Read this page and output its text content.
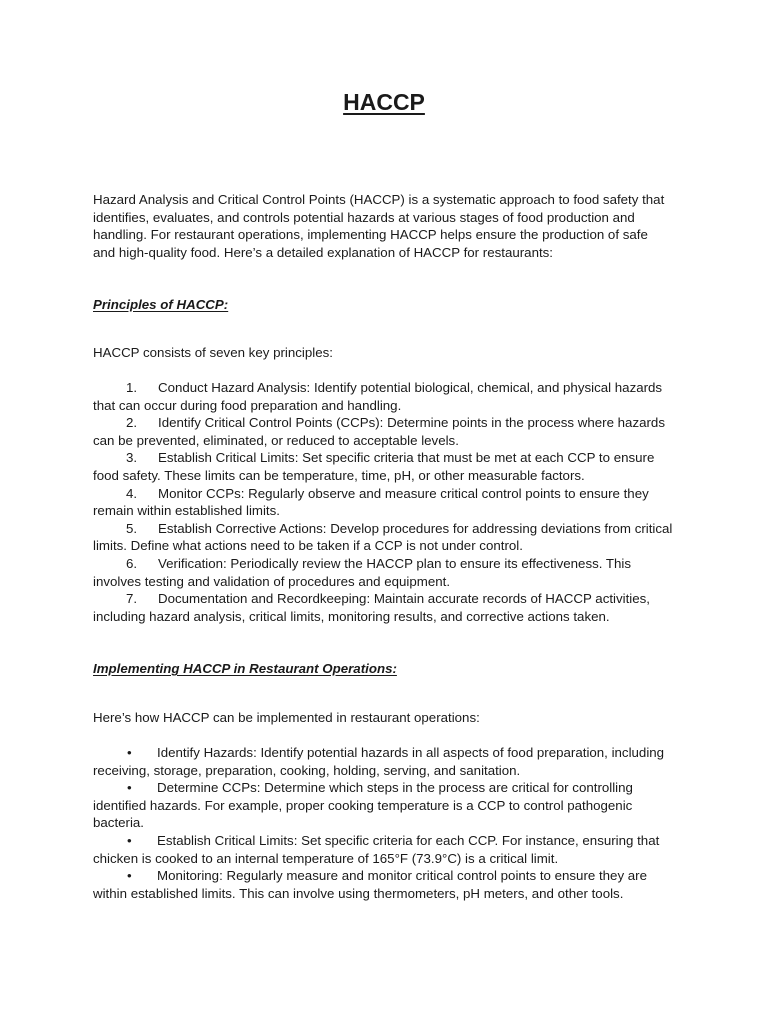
HACCP

Hazard Analysis and Critical Control Points (HACCP) is a systematic approach to food safety that identifies, evaluates, and controls potential hazards at various stages of food production and handling. For restaurant operations, implementing HACCP helps ensure the production of safe and high-quality food. Here’s a detailed explanation of HACCP for restaurants:

Principles of HACCP:

HACCP consists of seven key principles:

1. Conduct Hazard Analysis: Identify potential biological, chemical, and physical hazards that can occur during food preparation and handling.

2. Identify Critical Control Points (CCPs): Determine points in the process where hazards can be prevented, eliminated, or reduced to acceptable levels.

3. Establish Critical Limits: Set specific criteria that must be met at each CCP to ensure food safety. These limits can be temperature, time, pH, or other measurable factors.

4. Monitor CCPs: Regularly observe and measure critical control points to ensure they remain within established limits.

5. Establish Corrective Actions: Develop procedures for addressing deviations from critical limits. Define what actions need to be taken if a CCP is not under control.

6. Verification: Periodically review the HACCP plan to ensure its effectiveness. This involves testing and validation of procedures and equipment.

7. Documentation and Recordkeeping: Maintain accurate records of HACCP activities, including hazard analysis, critical limits, monitoring results, and corrective actions taken.

Implementing HACCP in Restaurant Operations:

Here’s how HACCP can be implemented in restaurant operations:

• Identify Hazards: Identify potential hazards in all aspects of food preparation, including receiving, storage, preparation, cooking, holding, serving, and sanitation.

• Determine CCPs: Determine which steps in the process are critical for controlling identified hazards. For example, proper cooking temperature is a CCP to control pathogenic bacteria.

• Establish Critical Limits: Set specific criteria for each CCP. For instance, ensuring that chicken is cooked to an internal temperature of 165°F (73.9°C) is a critical limit.

• Monitoring: Regularly measure and monitor critical control points to ensure they are within established limits. This can involve using thermometers, pH meters, and other tools.
